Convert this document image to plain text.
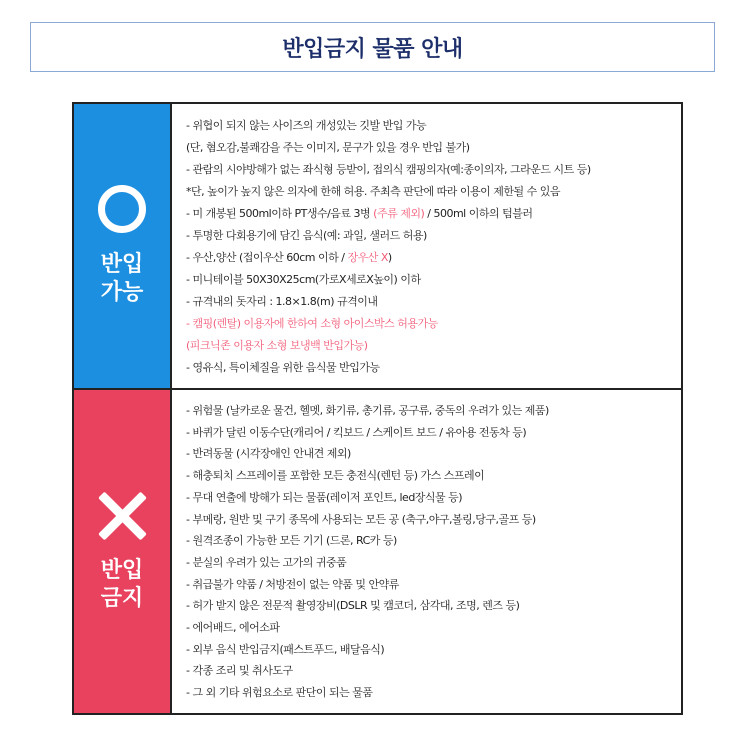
반입금지 물품 안내
반입
가능
- 위협이 되지 않는 사이즈의 개성있는 깃발 반입 가능
(단, 혐오감,불쾌감을 주는 이미지, 문구가 있을 경우 반입 불가)
- 관람의 시야방해가 없는 좌식형 등받이, 접의식 캠핑의자(예:종이의자, 그라운드 시트 등)
*단, 높이가 높지 않은 의자에 한해 허용. 주최측 판단에 따라 이용이 제한될 수 있음
- 미 개봉된 500ml이하 PT생수/음료 3병 (주류 제외) / 500ml 이하의 텀블러
- 투명한 다회용기에 담긴 음식(예: 과일, 샐러드 허용)
- 우산,양산 (접이우산 60cm 이하 / 장우산 X)
- 미니테이블 50X30X25cm(가로X세로X높이) 이하
- 규격내의 돗자리 : 1.8×1.8(m) 규격이내
- 캠핑(렌탈) 이용자에 한하여 소형 아이스박스 허용가능
(피크닉존 이용자 소형 보냉백 반입가능)
- 영유식, 특이체질을 위한 음식물 반입가능
반입
금지
- 위험물 (날카로운 물건, 헬멧, 화기류, 총기류, 공구류, 중독의 우려가 있는 제품)
- 바퀴가 달린 이동수단(캐리어 / 킥보드 / 스케이트 보드 / 유아용 전동차 등)
- 반려동물 (시각장애인 안내견 제외)
- 해충퇴치 스프레이를 포함한 모든 충전식(렌턴 등) 가스 스프레이
- 무대 연출에 방해가 되는 물품(레이저 포인트, led장식물 등)
- 부메랑, 원반 및 구기 종목에 사용되는 모든 공 (축구,야구,볼링,당구,골프 등)
- 원격조종이 가능한 모든 기기 (드론, RC카 등)
- 분실의 우려가 있는 고가의 귀중품
- 취급불가 약품 / 처방전이 없는 약품 및 안약류
- 허가 받지 않은 전문적 촬영장비(DSLR 및 캠코더, 삼각대, 조명, 렌즈 등)
- 에어배드, 에어소파
- 외부 음식 반입금지(패스트푸드, 배달음식)
- 각종 조리 및 취사도구
- 그 외 기타 위험요소로 판단이 되는 물품
